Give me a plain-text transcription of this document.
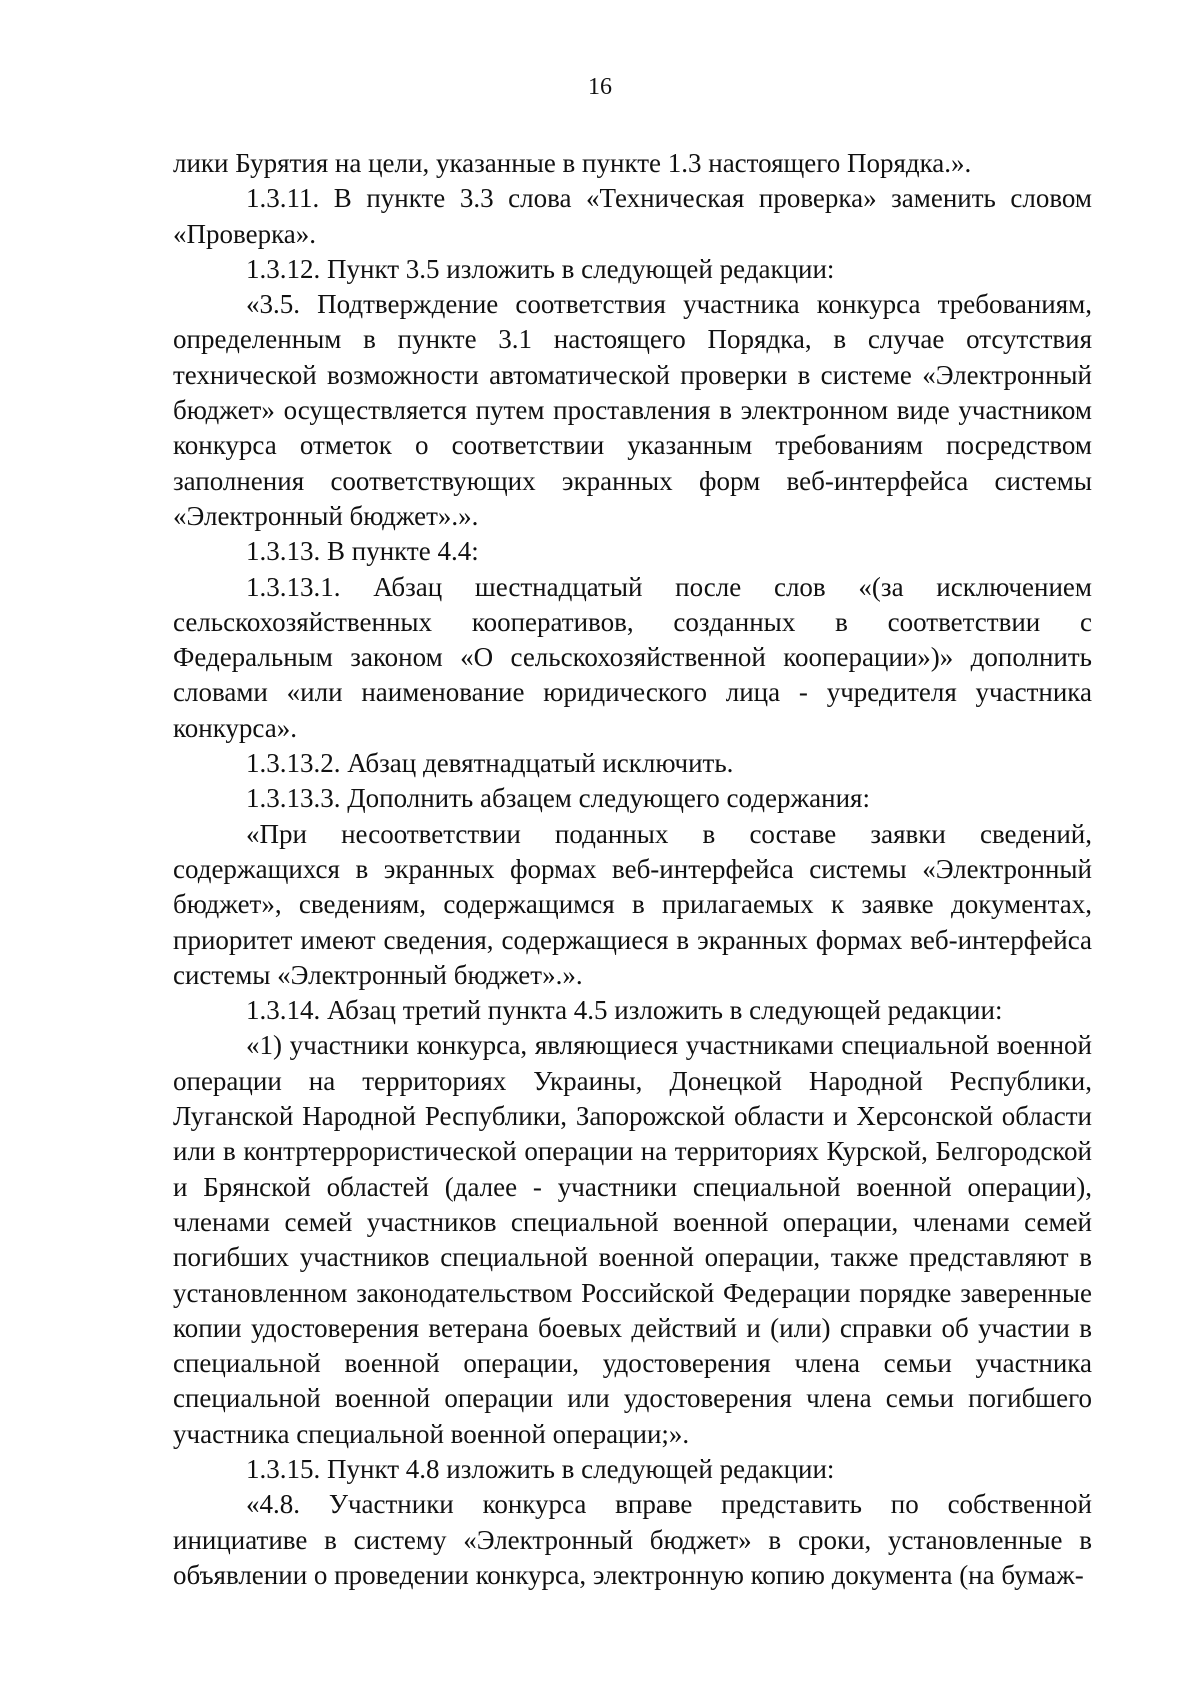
16

лики Бурятия на цели, указанные в пункте 1.3 настоящего Порядка.».

1.3.11. В пункте 3.3 слова «Техническая проверка» заменить словом «Проверка».

1.3.12. Пункт 3.5 изложить в следующей редакции:

«3.5. Подтверждение соответствия участника конкурса требованиям, определенным в пункте 3.1 настоящего Порядка, в случае отсутствия технической возможности автоматической проверки в системе «Электронный бюджет» осуществляется путем проставления в электронном виде участником конкурса отметок о соответствии указанным требованиям посредством заполнения соответствующих экранных форм веб-интерфейса системы «Электронный бюджет».».

1.3.13. В пункте 4.4:

1.3.13.1. Абзац шестнадцатый после слов «(за исключением сельскохозяйственных кооперативов, созданных в соответствии с Федеральным законом «О сельскохозяйственной кооперации»)» дополнить словами «или наименование юридического лица - учредителя участника конкурса».

1.3.13.2. Абзац девятнадцатый исключить.

1.3.13.3. Дополнить абзацем следующего содержания:

«При несоответствии поданных в составе заявки сведений, содержащихся в экранных формах веб-интерфейса системы «Электронный бюджет», сведениям, содержащимся в прилагаемых к заявке документах, приоритет имеют сведения, содержащиеся в экранных формах веб-интерфейса системы «Электронный бюджет».».

1.3.14. Абзац третий пункта 4.5 изложить в следующей редакции:

«1) участники конкурса, являющиеся участниками специальной военной операции на территориях Украины, Донецкой Народной Республики, Луганской Народной Республики, Запорожской области и Херсонской области или в контртеррористической операции на территориях Курской, Белгородской и Брянской областей (далее - участники специальной военной операции), членами семей участников специальной военной операции, членами семей погибших участников специальной военной операции, также представляют в установленном законодательством Российской Федерации порядке заверенные копии удостоверения ветерана боевых действий и (или) справки об участии в специальной военной операции, удостоверения члена семьи участника специальной военной операции или удостоверения члена семьи погибшего участника специальной военной операции;».

1.3.15. Пункт 4.8 изложить в следующей редакции:

«4.8. Участники конкурса вправе представить по собственной инициативе в систему «Электронный бюджет» в сроки, установленные в объявлении о проведении конкурса, электронную копию документа (на бумаж-
